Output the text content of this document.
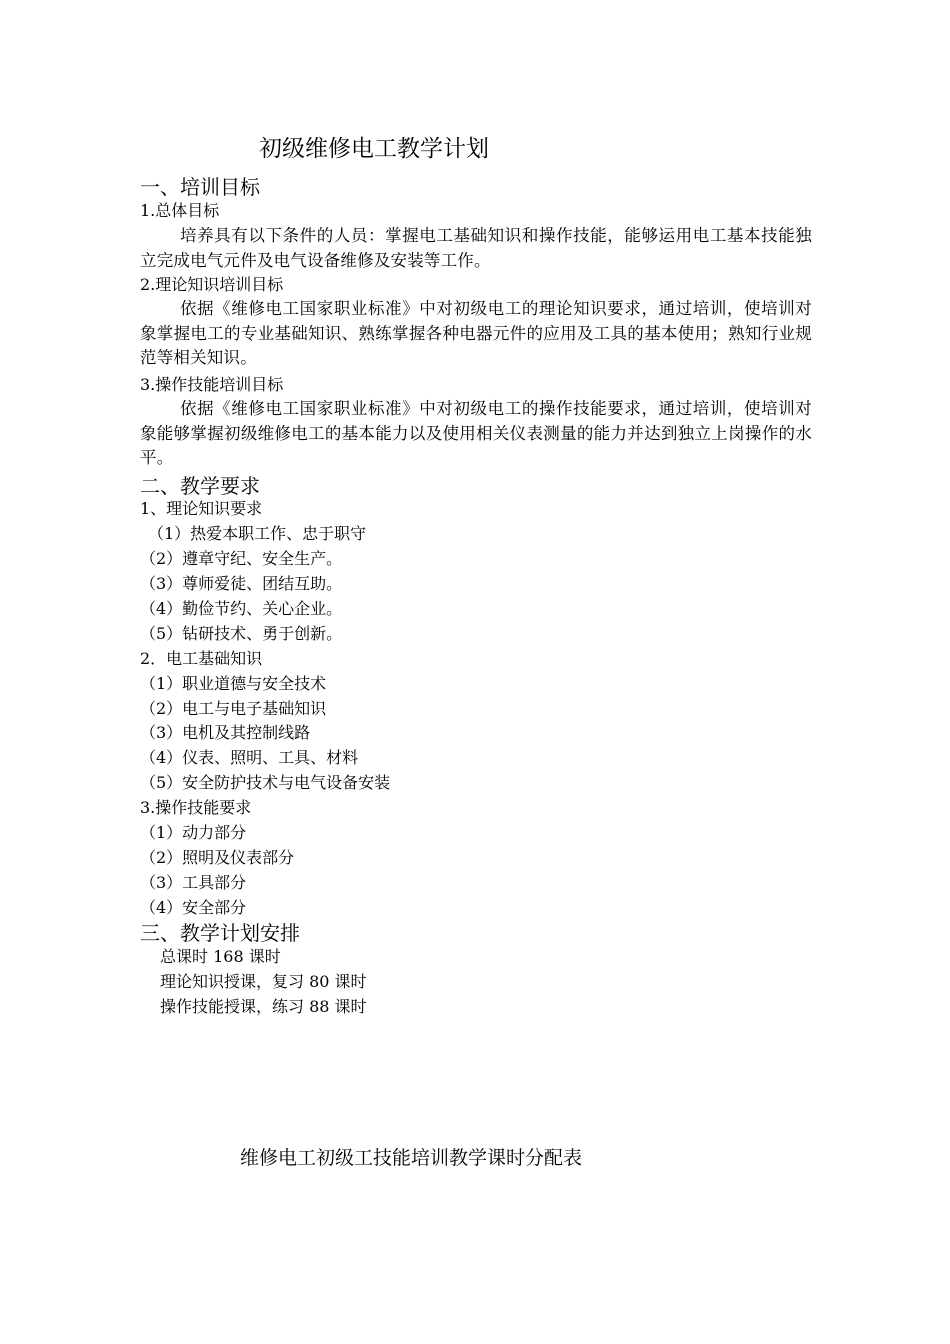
初级维修电工教学计划
一、培训目标
1.总体目标
培养具有以下条件的人员：掌握电工基础知识和操作技能，能够运用电工基本技能独立完成电气元件及电气设备维修及安装等工作。
2.理论知识培训目标
依据《维修电工国家职业标准》中对初级电工的理论知识要求，通过培训，使培训对象掌握电工的专业基础知识、熟练掌握各种电器元件的应用及工具的基本使用；熟知行业规范等相关知识。
3.操作技能培训目标
依据《维修电工国家职业标准》中对初级电工的操作技能要求，通过培训，使培训对象能够掌握初级维修电工的基本能力以及使用相关仪表测量的能力并达到独立上岗操作的水平。
二、教学要求
1、理论知识要求
（1）热爱本职工作、忠于职守
（2）遵章守纪、安全生产。
（3）尊师爱徒、团结互助。
（4）勤俭节约、关心企业。
（5）钻研技术、勇于创新。
2．电工基础知识
（1）职业道德与安全技术
（2）电工与电子基础知识
（3）电机及其控制线路
（4）仪表、照明、工具、材料
（5）安全防护技术与电气设备安装
3.操作技能要求
（1）动力部分
（2）照明及仪表部分
（3）工具部分
（4）安全部分
三、教学计划安排
总课时 168 课时
理论知识授课，复习 80 课时
操作技能授课，练习 88 课时
维修电工初级工技能培训教学课时分配表
